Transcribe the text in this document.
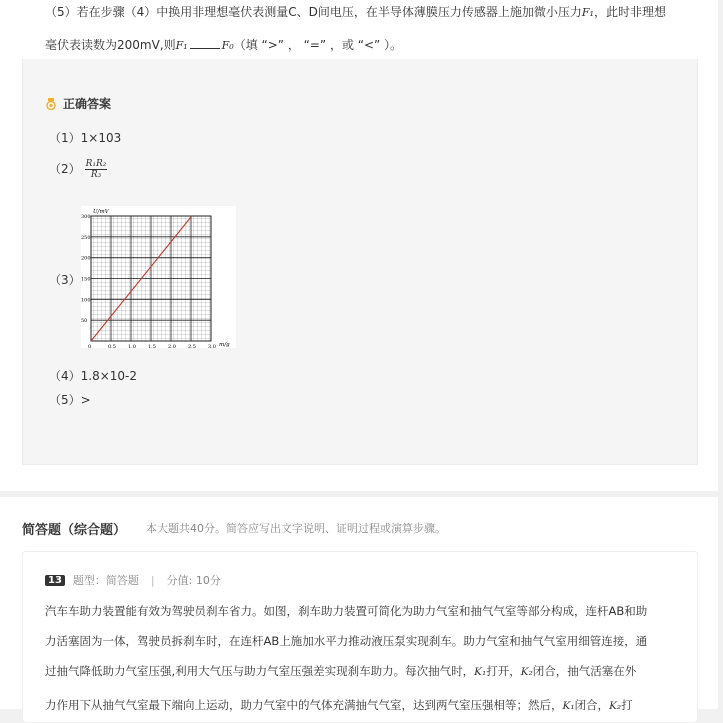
（5）若在步骤（4）中换用非理想毫伏表测量C、D间电压，在半导体薄膜压力传感器上施加微小压力F₁，此时非理想
毫伏表读数为200mV,则F₁	F₀（填 “>” ， “=” ，或 “<” ）。
正确答案
（1）1×103
$(2) \frac{\text{R₁R₂}}{\text{R₃}}$
（3）
U/mV
m/g
300
250
200
150
100
50
0	0.5 1.0 1.5 2.0 2.5 3.0
（4）1.8×10-2
（5）>
简答题（综合题） 本大题共40分。简答应写出文字说明、证明过程或演算步骤。
13 题型：简答题 | 分值: 10分
汽车车助力装置能有效为驾驶员刹车省力。如图，刹车助力装置可简化为助力气室和抽气气室等部分构成，连杆AB和助
力活塞固为一体，驾驶员拆刹车时，在连杆AB上施加水平力推动液压泵实现刹车。助力气室和抽气气室用细管连接，通
过抽气降低助力气室压强,利用大气压与助力气室压强差实现刹车助力。每次抽气时，K₁打开，K₂闭合，抽气活塞在外
力作用下从抽气气室最下端向上运动，助力气室中的气体充满抽气气室，达到两气室压强相等；然后，K₁闭合，K₂打
